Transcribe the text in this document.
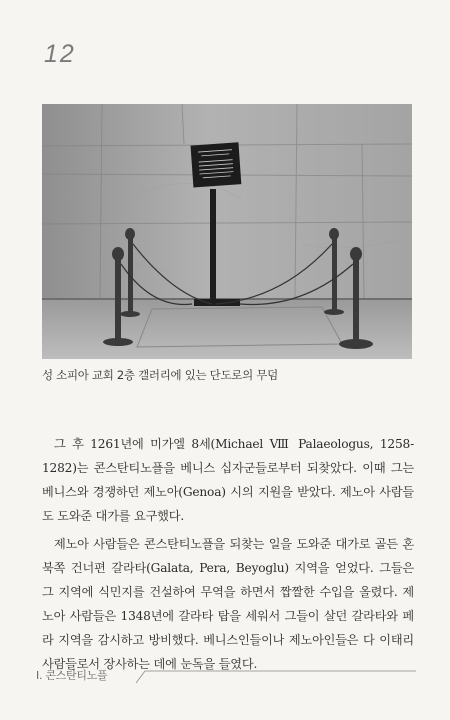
12
성 소피아 교회 2층 갤러리에 있는 단도로의 무덤

그 후 1261년에 미가엘 8세(Michael Ⅷ Palaeologus, 1258-1282)는 콘스탄티노플을 베니스 십자군들로부터 되찾았다. 이때 그는 베니스와 경쟁하던 제노아(Genoa) 시의 지원을 받았다. 제노아 사람들도 도와준 대가를 요구했다.

제노아 사람들은 콘스탄티노플을 되찾는 일을 도와준 대가로 골든 혼 북쪽 건너편 갈라타(Galata, Pera, Beyoglu) 지역을 얻었다. 그들은 그 지역에 식민지를 건설하여 무역을 하면서 짭짤한 수입을 올렸다. 제노아 사람들은 1348년에 갈라타 탑을 세워서 그들이 살던 갈라타와 페라 지역을 감시하고 방비했다. 베니스인들이나 제노아인들은 다 이태리 사람들로서 장사하는 데에 눈독을 들였다.

I. 콘스탄티노플
